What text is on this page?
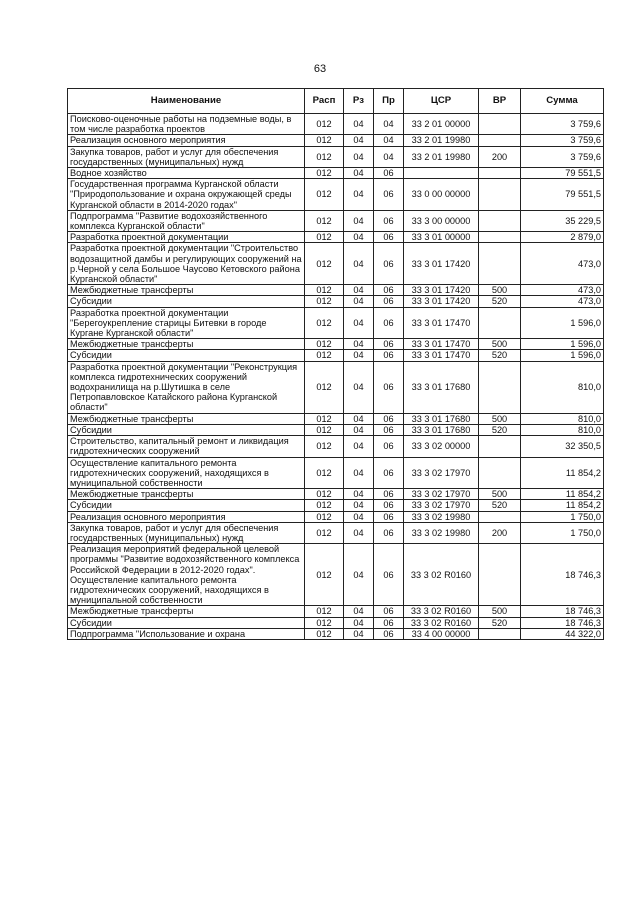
63
Наименование	Расп	Рз	Пр	ЦСР	ВР	Сумма
Поисково-оценочные работы на подземные воды, в том числе разработка проектов	012	04	04	33 2 01 00000		3 759,6
Реализация основного мероприятия	012	04	04	33 2 01 19980		3 759,6
Закупка товаров, работ и услуг для обеспечения государственных (муниципальных) нужд	012	04	04	33 2 01 19980	200	3 759,6
Водное хозяйство	012	04	06			79 551,5
Государственная программа Курганской области "Природопользование и охрана окружающей среды Курганской области в 2014-2020 годах"	012	04	06	33 0 00 00000		79 551,5
Подпрограмма "Развитие водохозяйственного комплекса Курганской области"	012	04	06	33 3 00 00000		35 229,5
Разработка проектной документации	012	04	06	33 3 01 00000		2 879,0
Разработка проектной документации "Строительство водозащитной дамбы и регулирующих сооружений на р.Черной у села Большое Чаусово Кетовского района Курганской области"	012	04	06	33 3 01 17420		473,0
Межбюджетные трансферты	012	04	06	33 3 01 17420	500	473,0
Субсидии	012	04	06	33 3 01 17420	520	473,0
Разработка проектной документации "Берегоукрепление старицы Битевки в городе Кургане Курганской области"	012	04	06	33 3 01 17470		1 596,0
Межбюджетные трансферты	012	04	06	33 3 01 17470	500	1 596,0
Субсидии	012	04	06	33 3 01 17470	520	1 596,0
Разработка проектной документации "Реконструкция комплекса гидротехнических сооружений водохранилища на р.Шутишка в селе Петропавловское Катайского района Курганской области"	012	04	06	33 3 01 17680		810,0
Межбюджетные трансферты	012	04	06	33 3 01 17680	500	810,0
Субсидии	012	04	06	33 3 01 17680	520	810,0
Строительство, капитальный ремонт и ликвидация гидротехнических сооружений	012	04	06	33 3 02 00000		32 350,5
Осуществление капитального ремонта гидротехнических сооружений, находящихся в муниципальной собственности	012	04	06	33 3 02 17970		11 854,2
Межбюджетные трансферты	012	04	06	33 3 02 17970	500	11 854,2
Субсидии	012	04	06	33 3 02 17970	520	11 854,2
Реализация основного мероприятия	012	04	06	33 3 02 19980		1 750,0
Закупка товаров, работ и услуг для обеспечения государственных (муниципальных) нужд	012	04	06	33 3 02 19980	200	1 750,0
Реализация мероприятий федеральной целевой программы "Развитие водохозяйственного комплекса Российской Федерации в 2012-2020 годах". Осуществление капитального ремонта гидротехнических сооружений, находящихся в муниципальной собственности	012	04	06	33 3 02 R0160		18 746,3
Межбюджетные трансферты	012	04	06	33 3 02 R0160	500	18 746,3
Субсидии	012	04	06	33 3 02 R0160	520	18 746,3
Подпрограмма "Использование и охрана	012	04	06	33 4 00 00000		44 322,0
